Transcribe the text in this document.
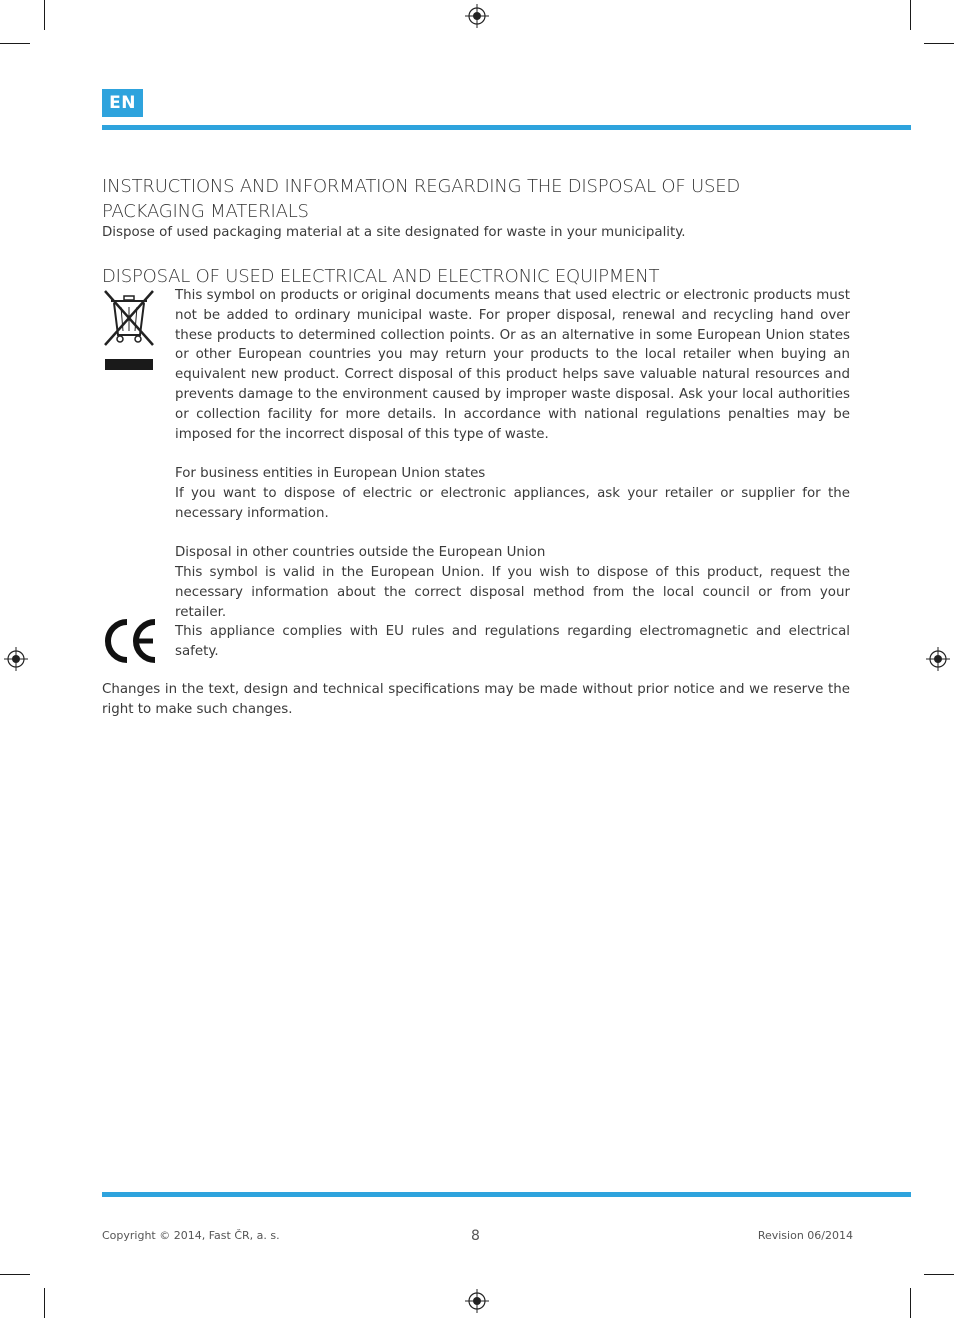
EN
INSTRUCTIONS AND INFORMATION REGARDING THE DISPOSAL OF USED
PACKAGING MATERIALS
Dispose of used packaging material at a site designated for waste in your municipality.
DISPOSAL OF USED ELECTRICAL AND ELECTRONIC EQUIPMENT
This symbol on products or original documents means that used electric or electronic products must not be added to ordinary municipal waste. For proper disposal, renewal and recycling hand over these products to determined collection points. Or as an alternative in some European Union states or other European countries you may return your products to the local retailer when buying an equivalent new product. Correct disposal of this product helps save valuable natural resources and prevents damage to the environment caused by improper waste disposal. Ask your local authorities or collection facility for more details. In accordance with national regulations penalties may be imposed for the incorrect disposal of this type of waste.
For business entities in European Union states
If you want to dispose of electric or electronic appliances, ask your retailer or supplier for the necessary information.
Disposal in other countries outside the European Union
This symbol is valid in the European Union. If you wish to dispose of this product, request the necessary information about the correct disposal method from the local council or from your retailer.
This appliance complies with EU rules and regulations regarding electromagnetic and electrical safety.
Changes in the text, design and technical specifications may be made without prior notice and we reserve the right to make such changes.
Copyright © 2014, Fast ČR, a. s.	8	Revision 06/2014
